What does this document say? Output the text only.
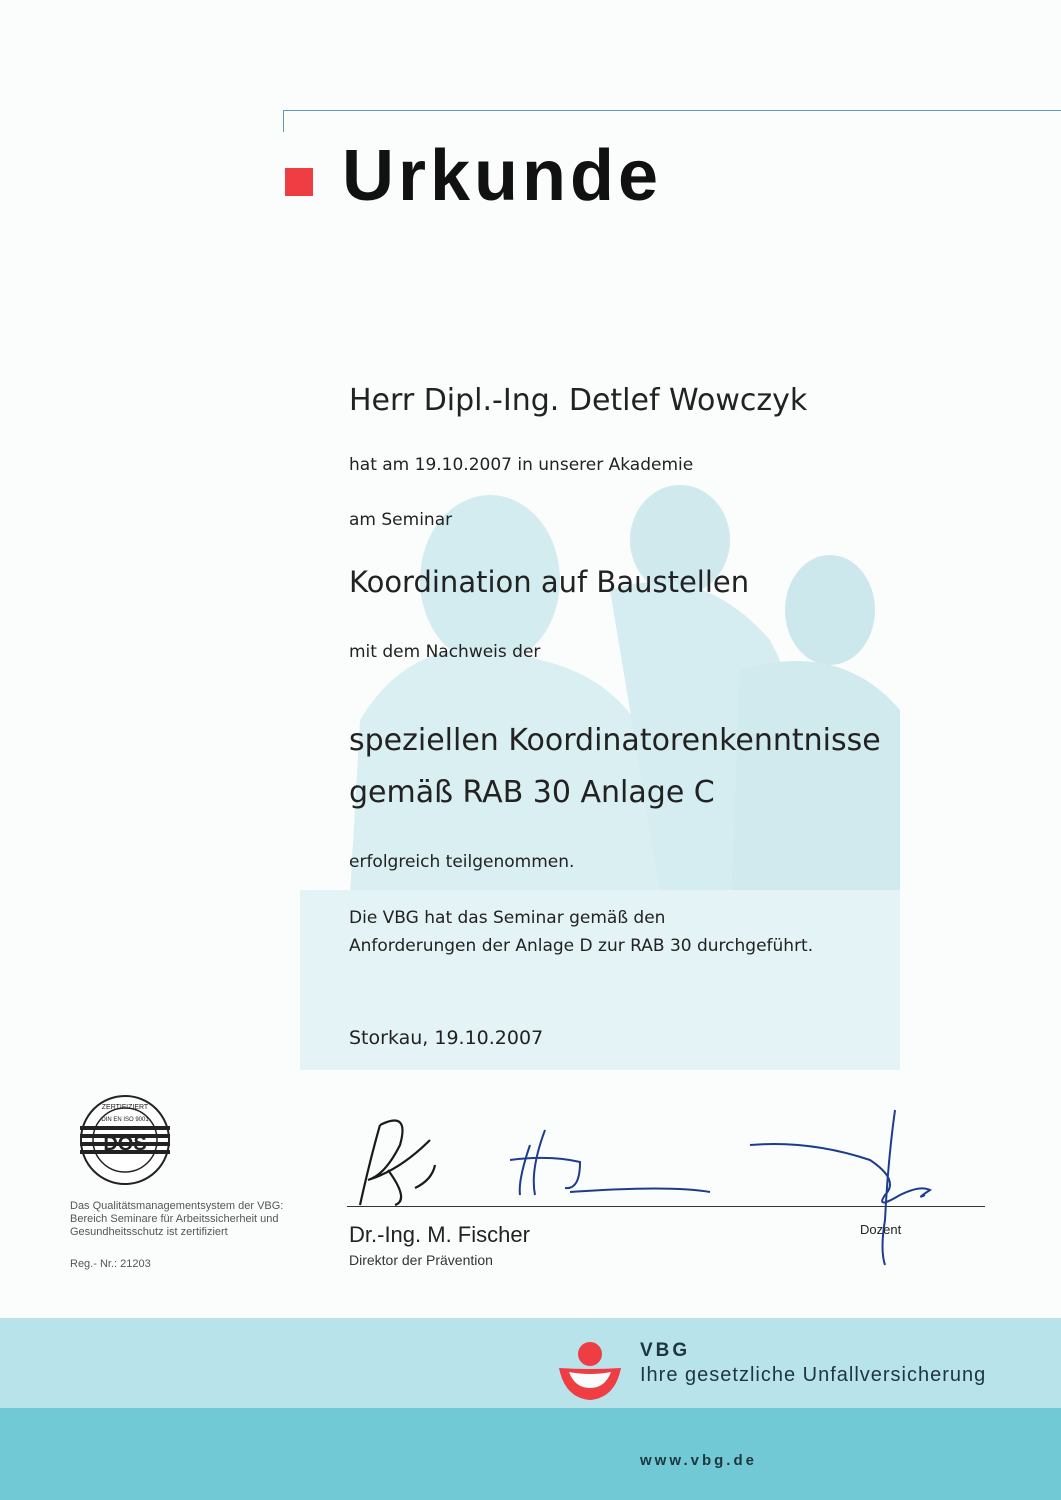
Urkunde
Herr Dipl.-Ing. Detlef Wowczyk
hat am 19.10.2007 in unserer Akademie
am Seminar
Koordination auf Baustellen
mit dem Nachweis der
speziellen Koordinatorenkenntnisse
gemäß RAB 30 Anlage C
erfolgreich teilgenommen.
Die VBG hat das Seminar gemäß den
Anforderungen der Anlage D zur RAB 30 durchgeführt.
Storkau, 19.10.2007
Dr.-Ing. M. Fischer
Direktor der Prävention
Dozent
ZERTIFIZIERT
DIN EN ISO 9001
DQS
Das Qualitätsmanagementsystem der VBG:
Bereich Seminare für Arbeitssicherheit und
Gesundheitsschutz ist zertifiziert
Reg.- Nr.: 21203
VBG
Ihre gesetzliche Unfallversicherung
www.vbg.de
